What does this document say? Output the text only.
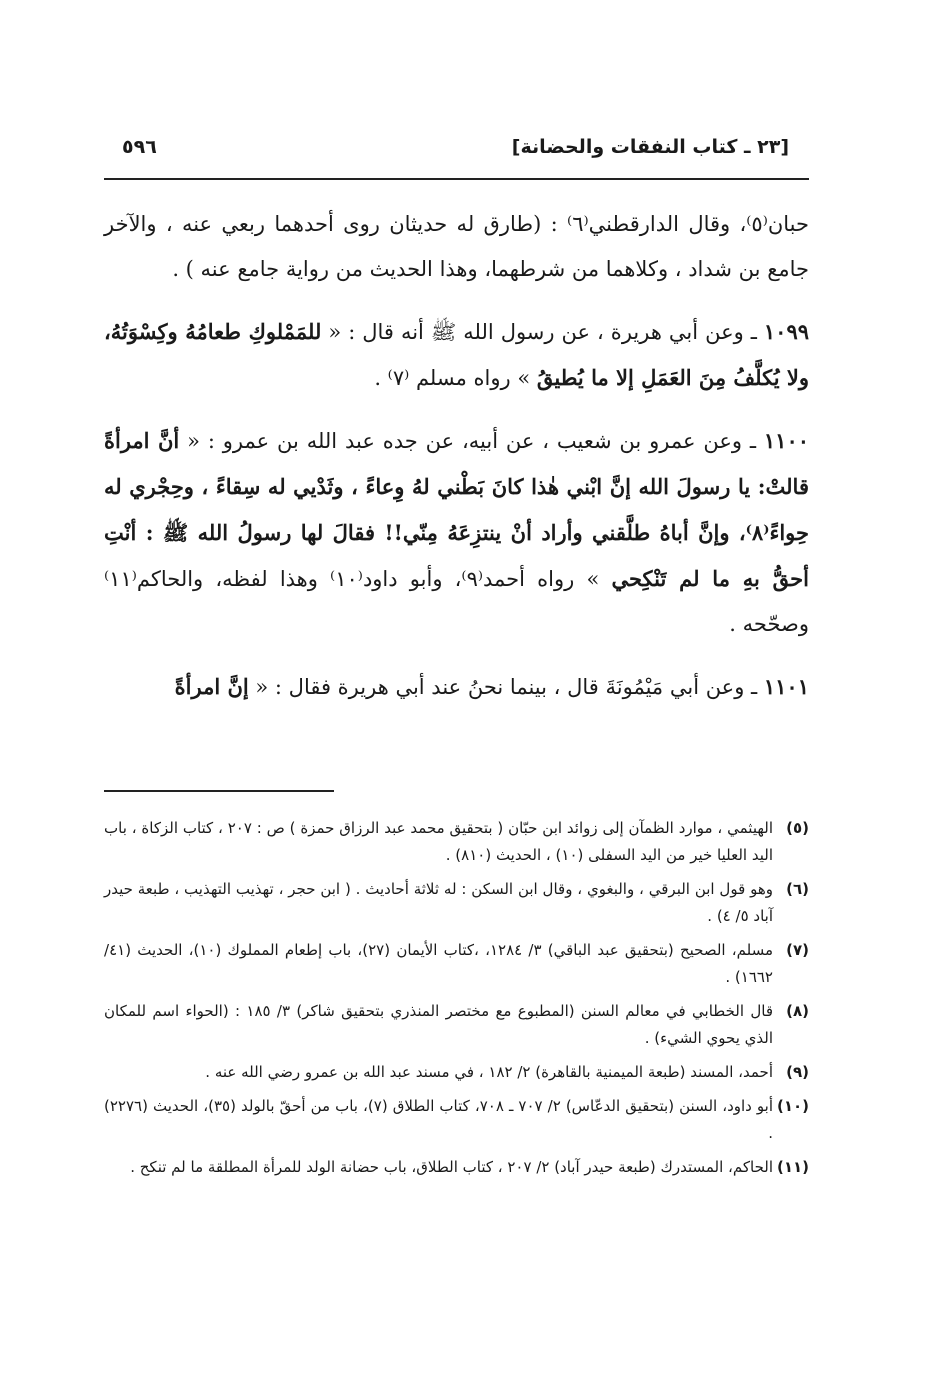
[٢٣ ـ كتاب النفقات والحضانة]
٥٩٦

حبان⁽٥⁾، وقال الدارقطني⁽٦⁾ : (طارق له حديثان روى أحدهما ربعي عنه ، والآخر جامع بن شداد ، وكلاهما من شرطهما، وهذا الحديث من رواية جامع عنه ) .

١٠٩٩ ـ وعن أبي هريرة ، عن رسول الله ﷺ أنه قال : « للمَمْلوكِ طعامُهُ وكِسْوَتُهُ، ولا يُكلَّفُ مِنَ العَمَلِ إلا ما يُطيقُ » رواه مسلم ⁽٧⁾ .

١١٠٠ ـ وعن عمرو بن شعيب ، عن أبيه، عن جده عبد الله بن عمرو : « أنَّ امرأةً قالتْ: يا رسولَ الله إنَّ ابْني هٰذا كانَ بَطْني لهُ وِعاءً ، وثَدْيي له سِقاءً ، وحِجْري له حِواءً⁽٨⁾، وإنَّ أباهُ طلَّقني وأراد أنْ ينتزِعَهُ مِنّي!! فقالَ لها رسولُ الله ﷺ : أنْتِ أحقُّ بهِ ما لم تَنْكِحي » رواه أحمد⁽٩⁾، وأبو داود⁽١٠⁾ وهذا لفظه، والحاكم⁽١١⁾ وصحّحه .

١١٠١ ـ وعن أبي مَيْمُونَةَ قال ، بينما نحنُ عند أبي هريرة فقال : « إنَّ امرأةً

(٥)
الهيثمي ، موارد الظمآن إلى زوائد ابن حبّان ( بتحقيق محمد عبد الرزاق حمزة ) ص : ٢٠٧ ، كتاب الزكاة ، باب اليد العليا خير من اليد السفلى (١٠) ، الحديث (٨١٠) .
(٦)
وهو قول ابن البرقي ، والبغوي ، وقال ابن السكن : له ثلاثة أحاديث . ( ابن حجر ، تهذيب التهذيب ، طبعة حيدر آباد ٥/ ٤) .
(٧)
مسلم، الصحيح (بتحقيق عبد الباقي) ٣/ ١٢٨٤، ،كتاب الأيمان (٢٧)، باب إطعام المملوك (١٠)، الحديث (٤١/ ١٦٦٢) .
(٨)
قال الخطابي في معالم السنن (المطبوع مع مختصر المنذري بتحقيق شاكر) ٣/ ١٨٥ : (الحواء اسم للمكان الذي يحوي الشيء) .
(٩)
أحمد، المسند (طبعة الميمنية بالقاهرة) ٢/ ١٨٢ ، في مسند عبد الله بن عمرو رضي الله عنه .
(١٠)
أبو داود، السنن (بتحقيق الدعّاس) ٢/ ٧٠٧ ـ ٧٠٨، كتاب الطلاق (٧)، باب من أحقّ بالولد (٣٥)، الحديث (٢٢٧٦) .
(١١)
الحاكم، المستدرك (طبعة حيدر آباد) ٢/ ٢٠٧ ، كتاب الطلاق، باب حضانة الولد للمرأة المطلقة ما لم تنكح .
